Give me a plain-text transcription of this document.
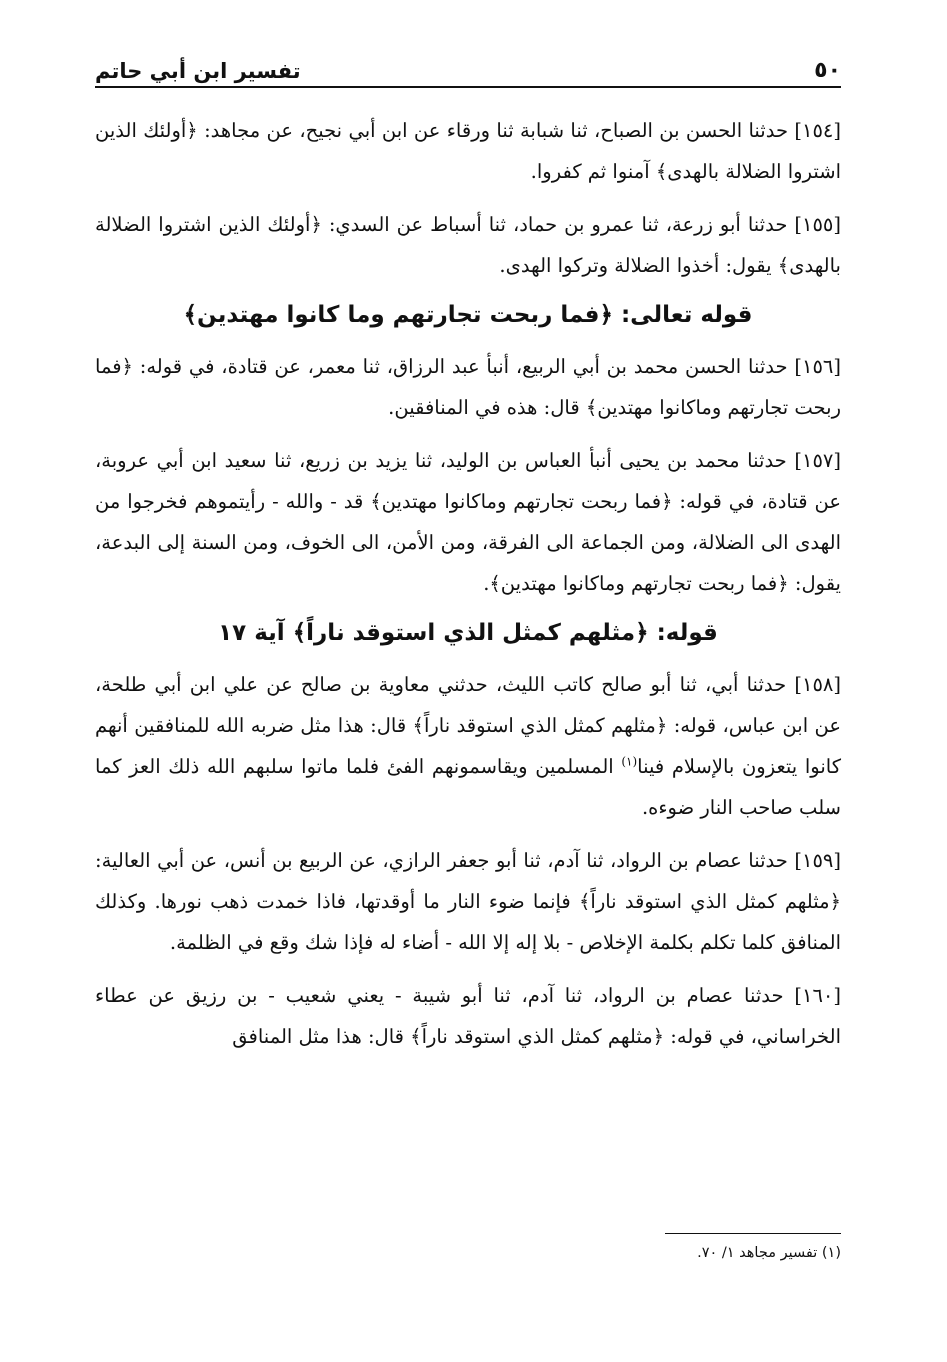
٥٠
تفسير ابن أبي حاتم

[١٥٤] حدثنا الحسن بن الصباح، ثنا شبابة ثنا ورقاء عن ابن أبي نجيح، عن مجاهد: ﴿أولئك الذين اشتروا الضلالة بالهدى﴾ آمنوا ثم كفروا.

[١٥٥] حدثنا أبو زرعة، ثنا عمرو بن حماد، ثنا أسباط عن السدي: ﴿أولئك الذين اشتروا الضلالة بالهدى﴾ يقول: أخذوا الضلالة وتركوا الهدى.

قوله تعالى: ﴿فما ربحت تجارتهم وما كانوا مهتدين﴾

[١٥٦] حدثنا الحسن محمد بن أبي الربيع، أنبأ عبد الرزاق، ثنا معمر، عن قتادة، في قوله: ﴿فما ربحت تجارتهم وماكانوا مهتدين﴾ قال: هذه في المنافقين.

[١٥٧] حدثنا محمد بن يحيى أنبأ العباس بن الوليد، ثنا يزيد بن زريع، ثنا سعيد ابن أبي عروبة، عن قتادة، في قوله: ﴿فما ربحت تجارتهم وماكانوا مهتدين﴾ قد - والله - رأيتموهم فخرجوا من الهدى الى الضلالة، ومن الجماعة الى الفرقة، ومن الأمن، الى الخوف، ومن السنة إلى البدعة، يقول: ﴿فما ربحت تجارتهم وماكانوا مهتدين﴾.

قوله: ﴿مثلهم كمثل الذي استوقد ناراً﴾ آية ١٧

[١٥٨] حدثنا أبي، ثنا أبو صالح كاتب الليث، حدثني معاوية بن صالح عن علي ابن أبي طلحة، عن ابن عباس، قوله: ﴿مثلهم كمثل الذي استوقد ناراً﴾ قال: هذا مثل ضربه الله للمنافقين أنهم كانوا يتعزون بالإسلام فينا$^{(١)}$ المسلمين ويقاسمونهم الفئ فلما ماتوا سلبهم الله ذلك العز كما سلب صاحب النار ضوءه.

[١٥٩] حدثنا عصام بن الرواد، ثنا آدم، ثنا أبو جعفر الرازي، عن الربيع بن أنس، عن أبي العالية: ﴿مثلهم كمثل الذي استوقد ناراً﴾ فإنما ضوء النار ما أوقدتها، فاذا خمدت ذهب نورها. وكذلك المنافق كلما تكلم بكلمة الإخلاص - بلا إله إلا الله - أضاء له فإذا شك وقع في الظلمة.

[١٦٠] حدثنا عصام بن الرواد، ثنا آدم، ثنا أبو شيبة - يعني شعيب - بن رزيق عن عطاء الخراساني، في قوله: ﴿مثلهم كمثل الذي استوقد ناراً﴾ قال: هذا مثل المنافق

(١) تفسير مجاهد ١/ ٧٠.
